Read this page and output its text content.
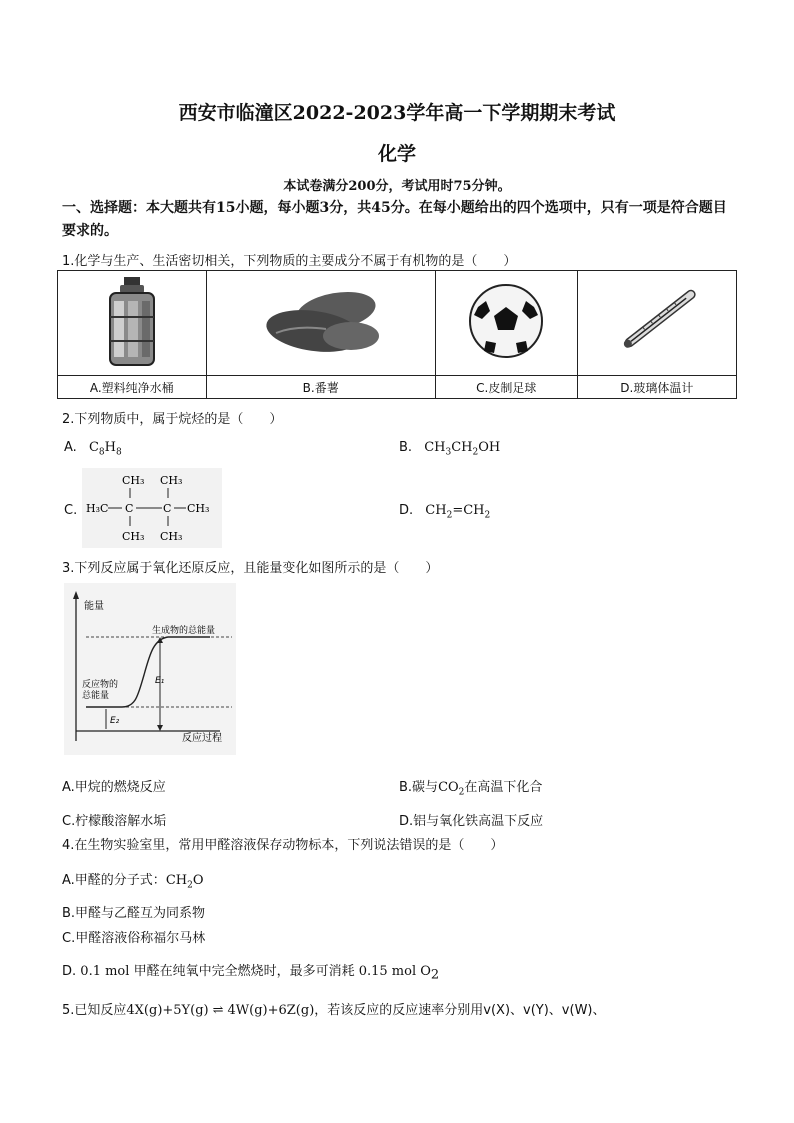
西安市临潼区2022-2023学年高一下学期期末考试
化学
本试卷满分200分，考试用时75分钟。
一、选择题：本大题共有15小题，每小题3分，共45分。在每小题给出的四个选项中，只有一项是符合题目要求的。
1.化学与生产、生活密切相关，下列物质的主要成分不属于有机物的是（　　）

A.塑料纯净水桶	B.番薯	C.皮制足球	D.玻璃体温计
2.下列物质中，属于烷烃的是（　　）
A. $C_8H_8$	B. $CH_3CH_2OH$
C.
CH₃ CH₃
H₃C C	C CH₃
CH₃ CH₃
D. $CH_2=CH_2$
3.下列反应属于氧化还原反应，且能量变化如图所示的是（　　）
能量
反应过程
生成物的总能量
反应物的
总能量
E₁
E₂
A.甲烷的燃烧反应	B.碳与$CO_2$在高温下化合
C.柠檬酸溶解水垢	D.铝与氧化铁高温下反应
4.在生物实验室里，常用甲醛溶液保存动物标本，下列说法错误的是（　　）
A.甲醛的分子式：$CH_2O$
B.甲醛与乙醛互为同系物
C.甲醛溶液俗称福尔马林
D. 0.1 mol 甲醛在纯氧中完全燃烧时，最多可消耗 0.15 mol $O_2$
5.已知反应4X(g)+5Y(g) ⇌ 4W(g)+6Z(g)，若该反应的反应速率分别用v(X)、v(Y)、v(W)、
